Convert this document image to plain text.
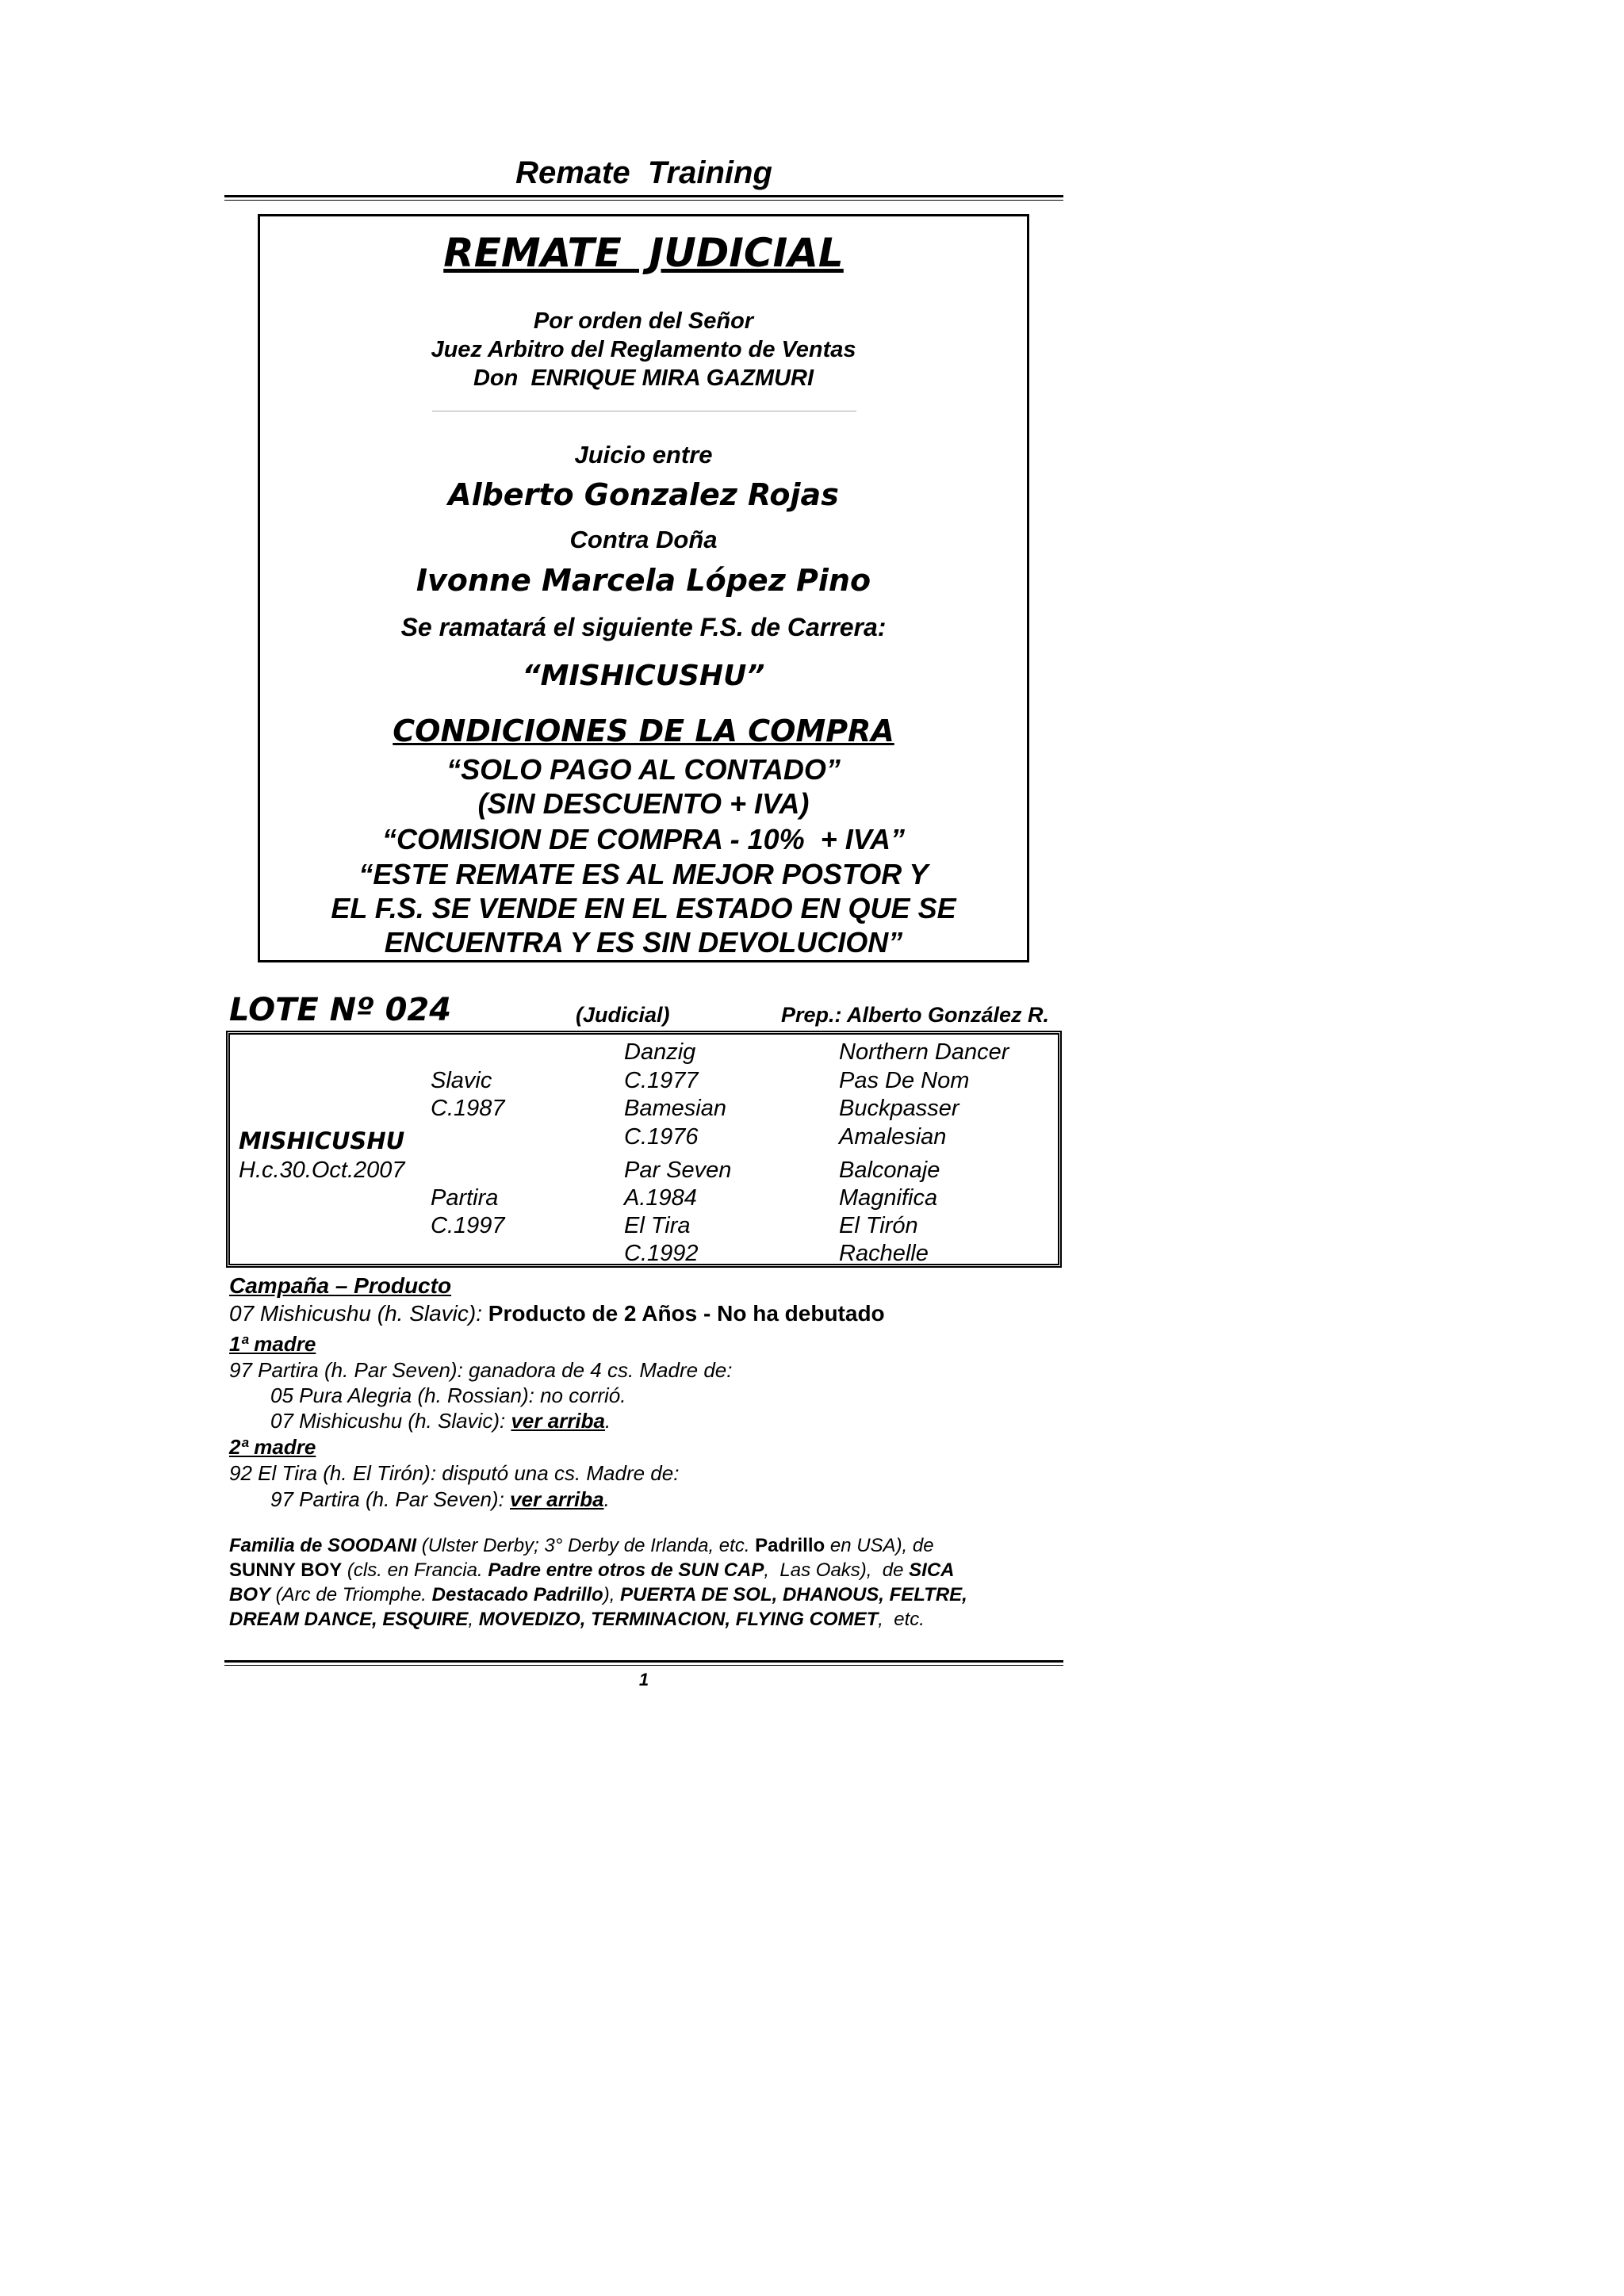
Remate  Training
REMATE  JUDICIAL
Por orden del Señor
Juez Arbitro del Reglamento de Ventas
Don  ENRIQUE MIRA GAZMURI
Juicio entre
Alberto Gonzalez Rojas
Contra Doña
Ivonne Marcela López Pino
Se ramatará el siguiente F.S. de Carrera:
“MISHICUSHU”
CONDICIONES DE LA COMPRA
“SOLO PAGO AL CONTADO”
(SIN DESCUENTO + IVA)
“COMISION DE COMPRA - 10%  + IVA”
“ESTE REMATE ES AL MEJOR POSTOR Y
EL F.S. SE VENDE EN EL ESTADO EN QUE SE
ENCUENTRA Y ES SIN DEVOLUCION”
LOTE Nº 024	(Judicial)	Prep.: Alberto González R.
MISHICUSHU
H.c.30.Oct.2007
Slavic
C.1987
Partira
C.1997
Danzig
C.1977
Bamesian
C.1976
Par Seven
A.1984
El Tira
C.1992
Northern Dancer
Pas De Nom
Buckpasser
Amalesian
Balconaje
Magnifica
El Tirón
Rachelle
Campaña – Producto
07 Mishicushu (h. Slavic): Producto de 2 Años - No ha debutado
1ª madre
97 Partira (h. Par Seven): ganadora de 4 cs. Madre de:
05 Pura Alegria (h. Rossian): no corrió.
07 Mishicushu (h. Slavic): ver arriba.
2ª madre
92 El Tira (h. El Tirón): disputó una cs. Madre de:
97 Partira (h. Par Seven): ver arriba.
Familia de SOODANI (Ulster Derby; 3° Derby de Irlanda, etc. Padrillo en USA), de
SUNNY BOY (cls. en Francia. Padre entre otros de SUN CAP,  Las Oaks),  de SICA
BOY (Arc de Triomphe. Destacado Padrillo), PUERTA DE SOL, DHANOUS, FELTRE,
DREAM DANCE, ESQUIRE, MOVEDIZO, TERMINACION, FLYING COMET,  etc.
1
